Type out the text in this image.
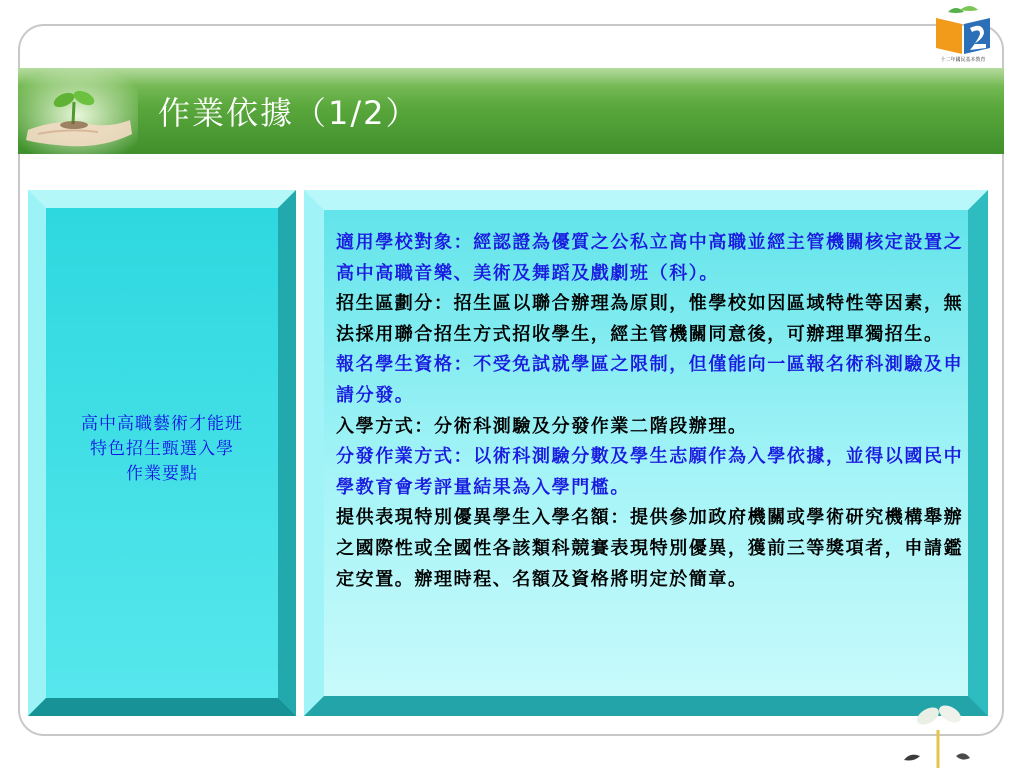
作業依據（1/2）
十二年國民基本教育
高中高職藝術才能班
特色招生甄選入學
作業要點

適用學校對象：經認證為優質之公私立高中高職並經主管機關核定設置之高中高職音樂、美術及舞蹈及戲劇班（科）。

招生區劃分：招生區以聯合辦理為原則，惟學校如因區域特性等因素，無法採用聯合招生方式招收學生，經主管機關同意後，可辦理單獨招生。

報名學生資格：不受免試就學區之限制，但僅能向一區報名術科測驗及申請分發。

入學方式：分術科測驗及分發作業二階段辦理。

分發作業方式：以術科測驗分數及學生志願作為入學依據，並得以國民中學教育會考評量結果為入學門檻。

提供表現特別優異學生入學名額：提供參加政府機關或學術研究機構舉辦之國際性或全國性各該類科競賽表現特別優異，獲前三等獎項者，申請鑑定安置。辦理時程、名額及資格將明定於簡章。
